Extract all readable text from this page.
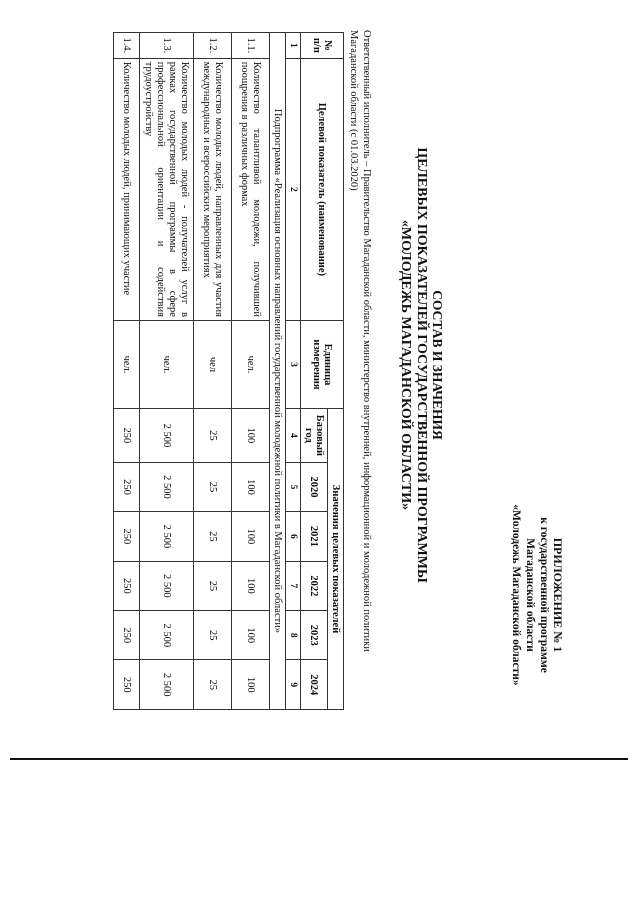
ПРИЛОЖЕНИЕ № 1
к государственной программе
Магаданской области
«Молодежь Магаданской области»
СОСТАВ И ЗНАЧЕНИЯ
ЦЕЛЕВЫХ ПОКАЗАТЕЛЕЙ ГОСУДАРСТВЕННОЙ ПРОГРАММЫ
«МОЛОДЕЖЬ МАГАДАНСКОЙ ОБЛАСТИ»
Ответственный исполнитель – Правительство Магаданской области, министерство внутренней, информационной и молодежной политики Магаданской области (с 01.03.2020)
№ п/п	Целевой показатель (наименование)	Единица измерения	Значения целевых показателей					
			Базовый год	2020	2021	2022	2023	2024
1	2	3	4	5	6	7	8	9
Подпрограмма «Реализация основных направлений государственной молодежной политики в Магаданской области»								
1.1.	Количество талантливой молодежи, получившей поощрения в различных формах	чел.	100	100	100	100	100	100
1.2.	Количество молодых людей, направленных для участия международных и всероссийских мероприятиях	чел	25	25	25	25	25	25
1.3.	Количество молодых людей - получателей услуг в рамках государственной программы в сфере профессиональной ориентации и содействия трудоустройству	чел.	2 500	2 500	2 500	2 500	2 500	2 500
1.4.	Количество молодых людей, принимающих участие	чел.	250	250	250	250	250	250
